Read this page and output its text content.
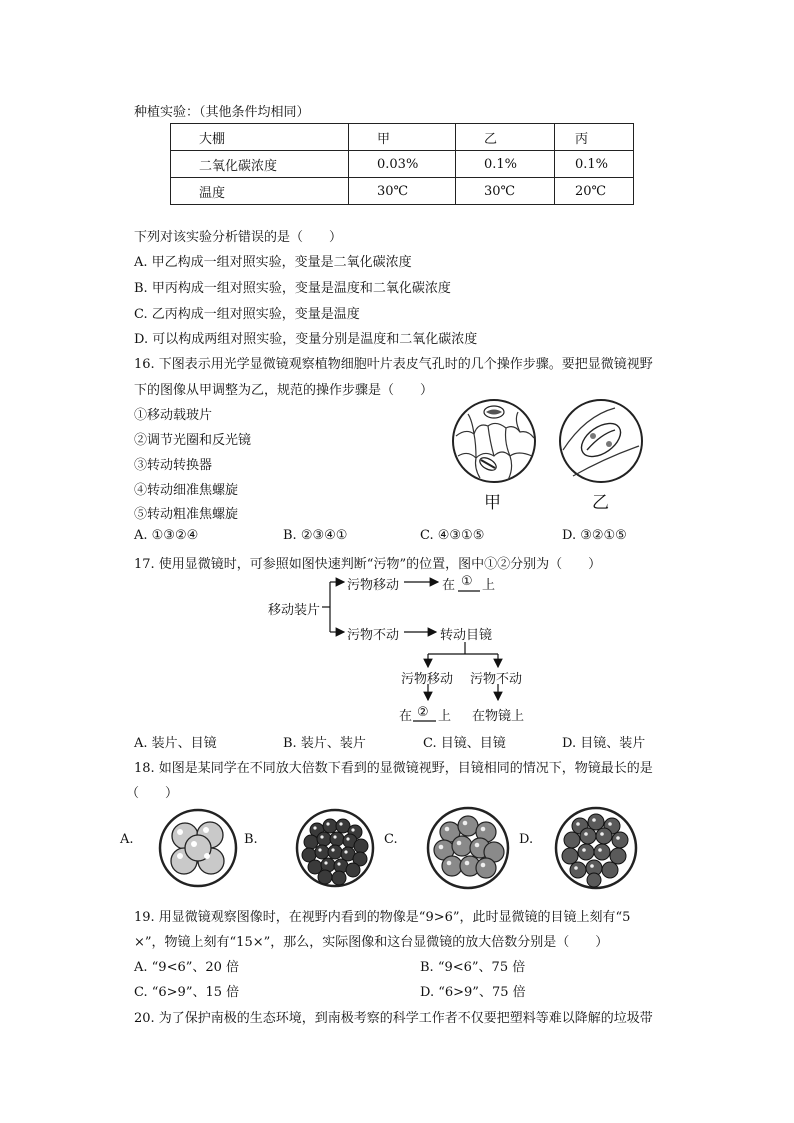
种植实验：（其他条件均相同）
大棚	甲	乙	丙
二氧化碳浓度	0.03%	0.1%	0.1%
温度	30℃	30℃	20℃
下列对该实验分析错误的是（　　）
A. 甲乙构成一组对照实验，变量是二氧化碳浓度
B. 甲丙构成一组对照实验，变量是温度和二氧化碳浓度
C. 乙丙构成一组对照实验，变量是温度
D. 可以构成两组对照实验，变量分别是温度和二氧化碳浓度
16. 下图表示用光学显微镜观察植物细胞叶片表皮气孔时的几个操作步骤。要把显微镜视野
下的图像从甲调整为乙，规范的操作步骤是（　　）
①移动载玻片
②调节光圈和反光镜
③转动转换器
④转动细准焦螺旋
⑤转动粗准焦螺旋
甲	乙
A. ①③②④	B. ②③④①	C. ④③①⑤	D. ③②①⑤
17. 使用显微镜时，可参照如图快速判断“污物”的位置，图中①②分别为（　　）
移动装片
污物移动	在 ① 上
污物不动	转动目镜
污物移动 污物不动
在 ② 上 在物镜上
A. 装片、目镜	B. 装片、装片	C. 目镜、目镜	D. 目镜、装片
18. 如图是某同学在不同放大倍数下看到的显微镜视野，目镜相同的情况下，物镜最长的是
（　　）
A.	B.	C.	D.
19. 用显微镜观察图像时，在视野内看到的物像是“9>6”，此时显微镜的目镜上刻有“5
×”，物镜上刻有“15×”，那么，实际图像和这台显微镜的放大倍数分别是（　　）
A. “9<6”、20 倍	B. “9<6”、75 倍
C. “6>9”、15 倍	D. “6>9”、75 倍
20. 为了保护南极的生态环境，到南极考察的科学工作者不仅要把塑料等难以降解的垃圾带
